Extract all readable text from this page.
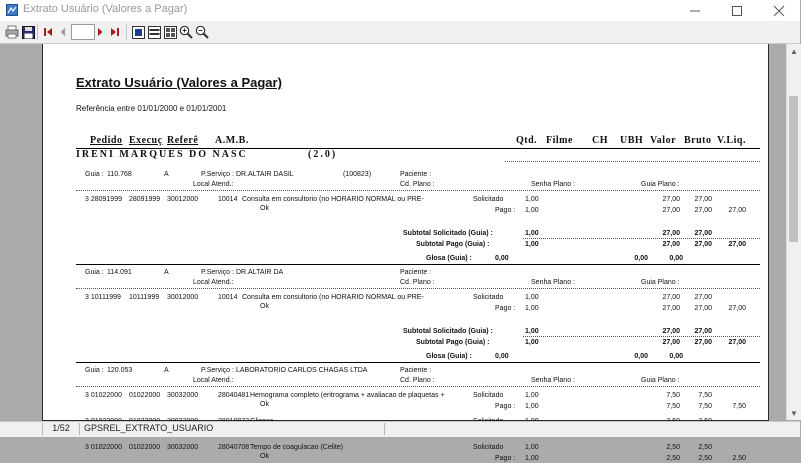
Extrato Usuário (Valores a Pagar)
Extrato Usuário (Valores a Pagar)
Referência entre 01/01/2000 e 01/01/2001
Pedido Execuç Referê A.M.B.	Qtd. Filme CH UBH Valor Bruto V.Liq.
IRENI MARQUES DO NASC	(2.0)
Guia : 110.768	A	P.Serviço : DR.ALTAIR DASIL	(100823)	Paciente :
Local Atend.:	Cd. Plano :	Senha Plano :	Guia Plano :
3 28091999 28091999 30012000	10014 Consulta em consultorio (no HORARIO NORMAL ou PRE-	Solicitado	1,00	27,00 27,00
Ok	Pago : 1,00	27,00 27,00 27,00
Subtotal Solicitado (Guia) :	1,00	27,00 27,00
Subtotal Pago (Guia) :	1,00	27,00 27,00 27,00
Glosa (Guia) :	0,00	0,00	0,00
Guia : 114.091	A	P.Serviço : DR.ALTAIR DA	Paciente :
Local Atend.:	Cd. Plano :	Senha Plano :	Guia Plano :
3 10111999 10111999 30012000	10014 Consulta em consultorio (no HORARIO NORMAL ou PRE-	Solicitado	1,00	27,00 27,00
Ok	Pago : 1,00	27,00 27,00 27,00
Subtotal Solicitado (Guia) :	1,00	27,00 27,00
Subtotal Pago (Guia) :	1,00	27,00 27,00 27,00
Glosa (Guia) :	0,00	0,00	0,00
Guia : 120.053	A	P.Serviço : LABORATORIO CARLOS CHAGAS LTDA	Paciente :
Local Atend.:	Cd. Plano :	Senha Plano :	Guia Plano :
3 01022000 01022000 30032000	28040481 Hemograma completo (eritrograma + avaliacao de plaquetas +	Solicitado	1,00	7,50	7,50
Ok	Pago : 1,00	7,50	7,50	7,50
3 01022000 01022000 30032000	28040708 Tempo de coagulacao (Celite)	Solicitado	1,00	2,50	2,50
Ok	Pago : 1,00	2,50	2,50	2,50
▲
▼
1/52	GPSREL_EXTRATO_USUARIO
